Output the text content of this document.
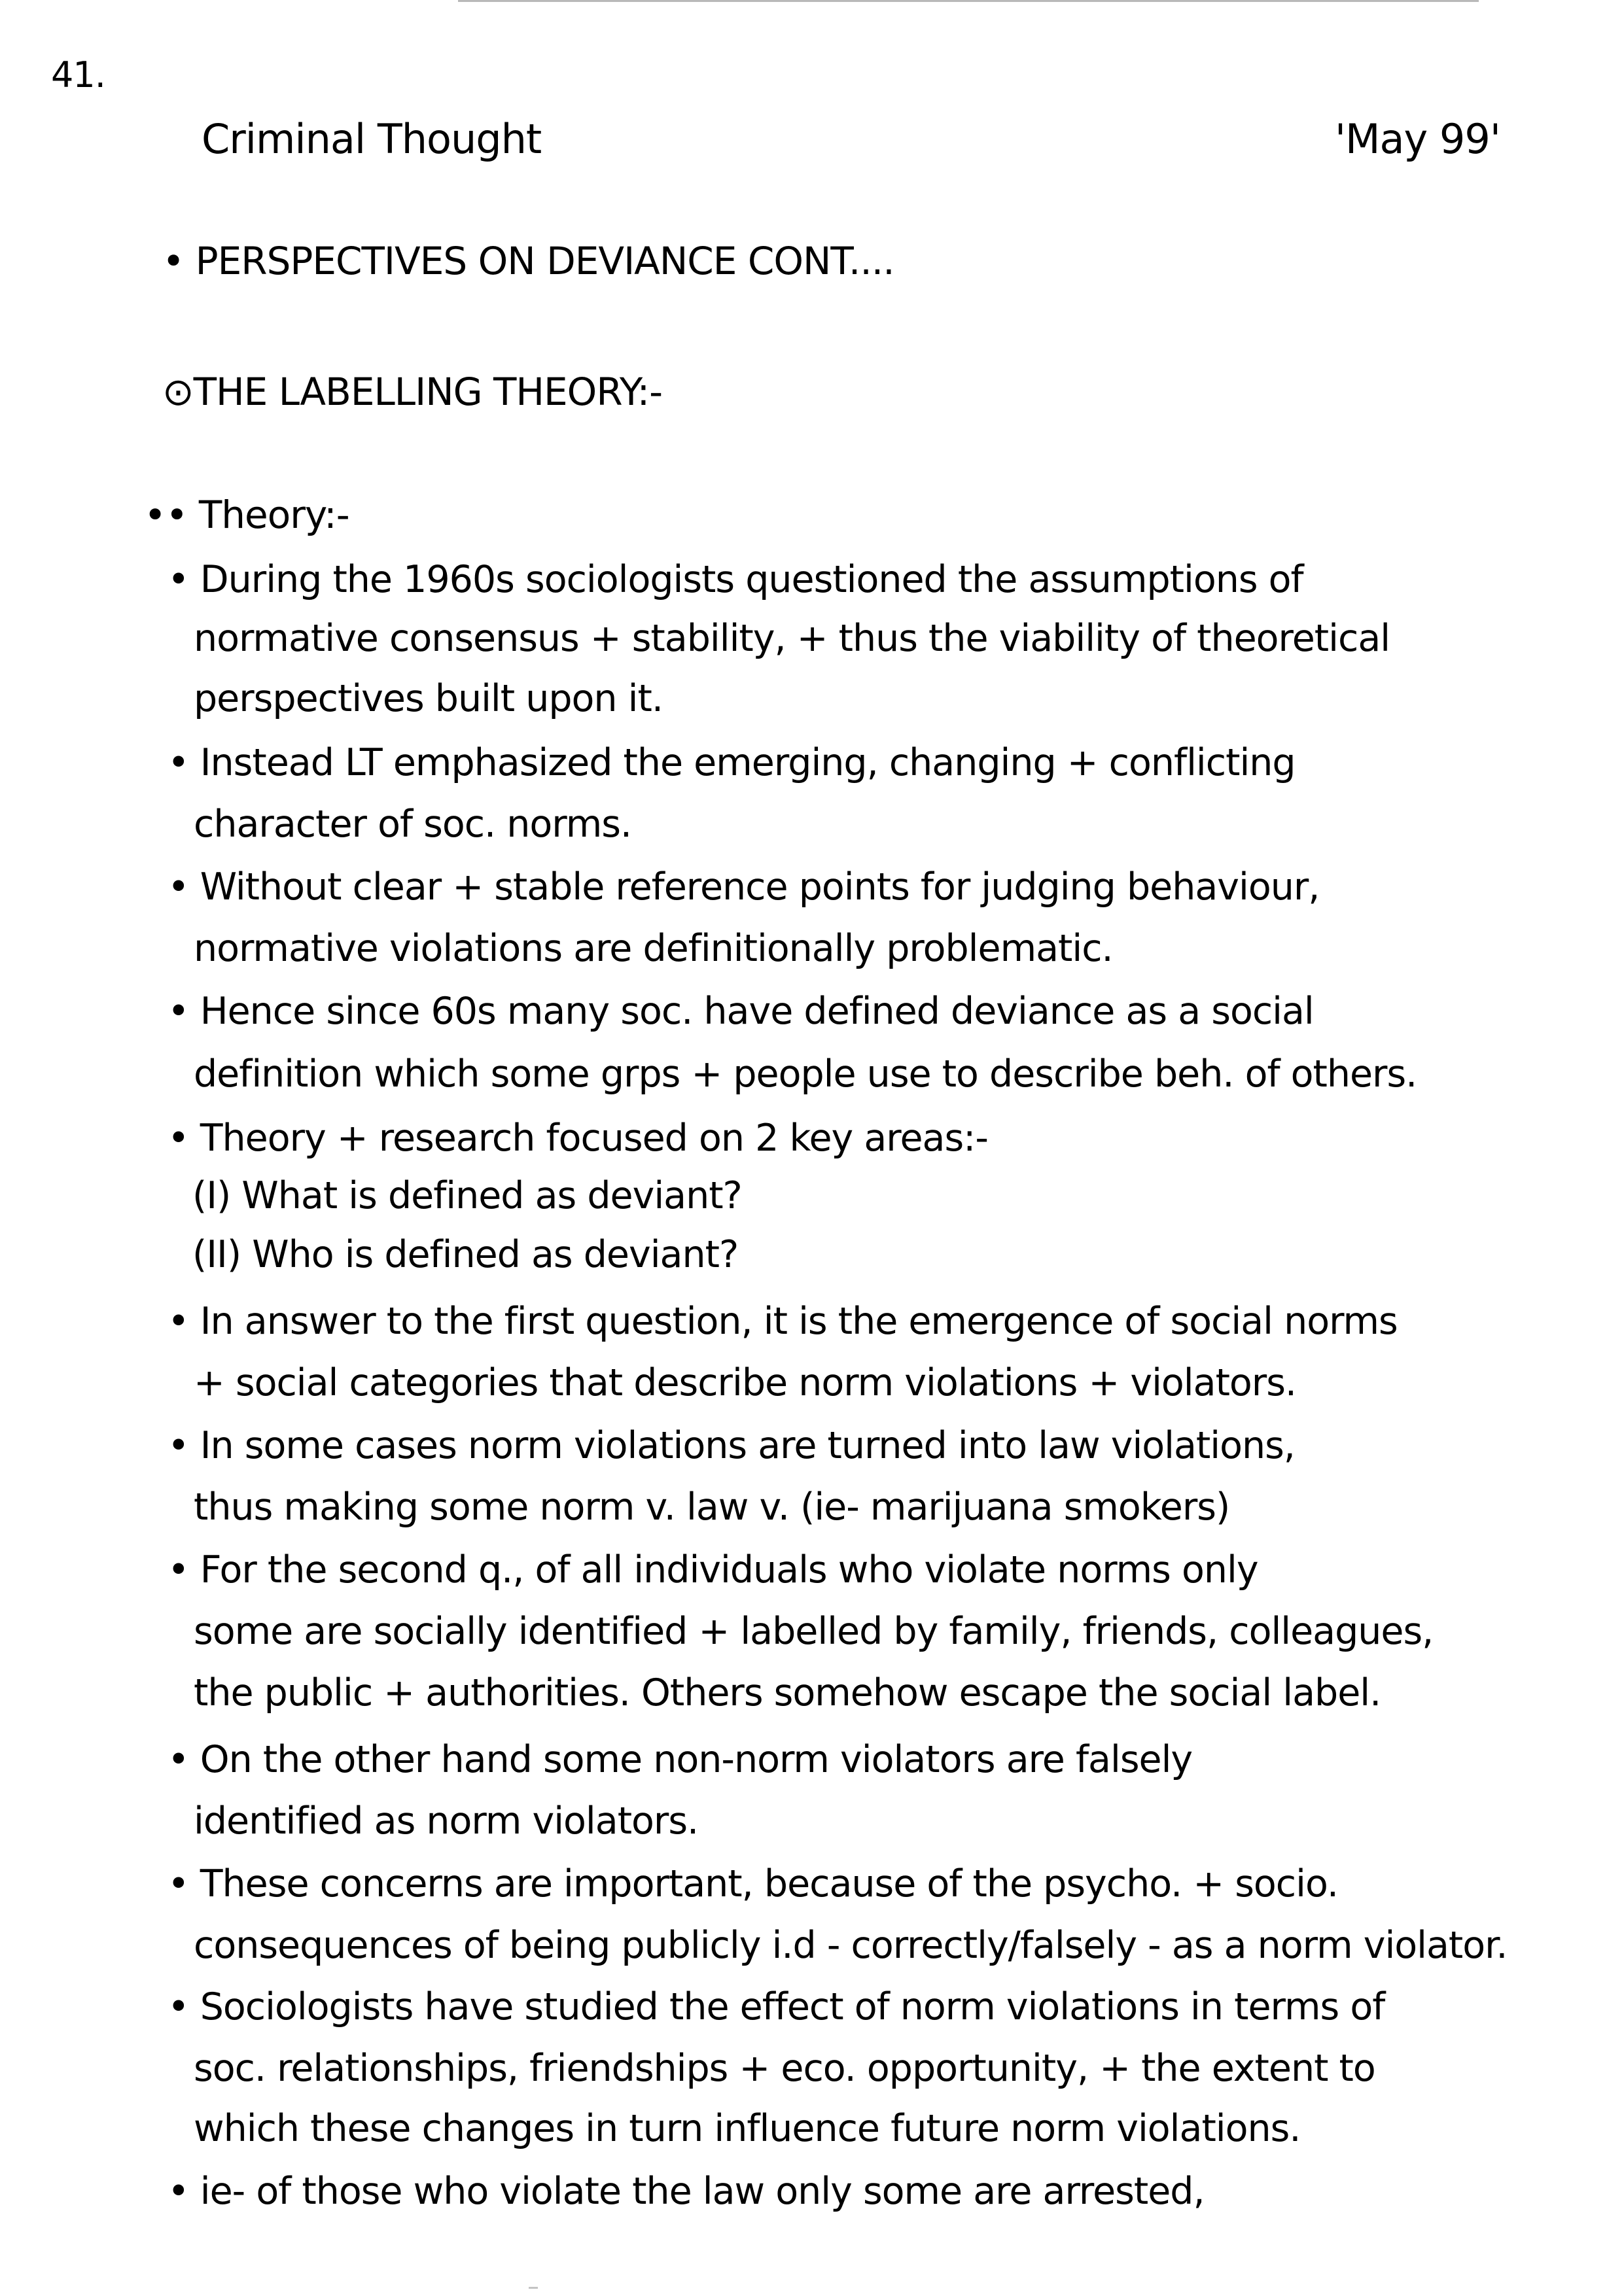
41.
Criminal Thought	'May 99'
• PERSPECTIVES ON DEVIANCE CONT....
⊙THE LABELLING THEORY:-
•• Theory:-
• During the 1960s sociologists questioned the assumptions of
normative consensus + stability, + thus the viability of theoretical
perspectives built upon it.
• Instead LT emphasized the emerging, changing + conflicting
character of soc. norms.
• Without clear + stable reference points for judging behaviour,
normative violations are definitionally problematic.
• Hence since 60s many soc. have defined deviance as a social
definition which some grps + people use to describe beh. of others.
• Theory + research focused on 2 key areas:-
(I) What is defined as deviant?
(II) Who is defined as deviant?
• In answer to the first question, it is the emergence of social norms
+ social categories that describe norm violations + violators.
• In some cases norm violations are turned into law violations,
thus making some norm v. law v. (ie- marijuana smokers)
• For the second q., of all individuals who violate norms only
some are socially identified + labelled by family, friends, colleagues,
the public + authorities. Others somehow escape the social label.
• On the other hand some non-norm violators are falsely
identified as norm violators.
• These concerns are important, because of the psycho. + socio.
consequences of being publicly i.d - correctly/falsely - as a norm violator.
• Sociologists have studied the effect of norm violations in terms of
soc. relationships, friendships + eco. opportunity, + the extent to
which these changes in turn influence future norm violations.
• ie- of those who violate the law only some are arrested,
